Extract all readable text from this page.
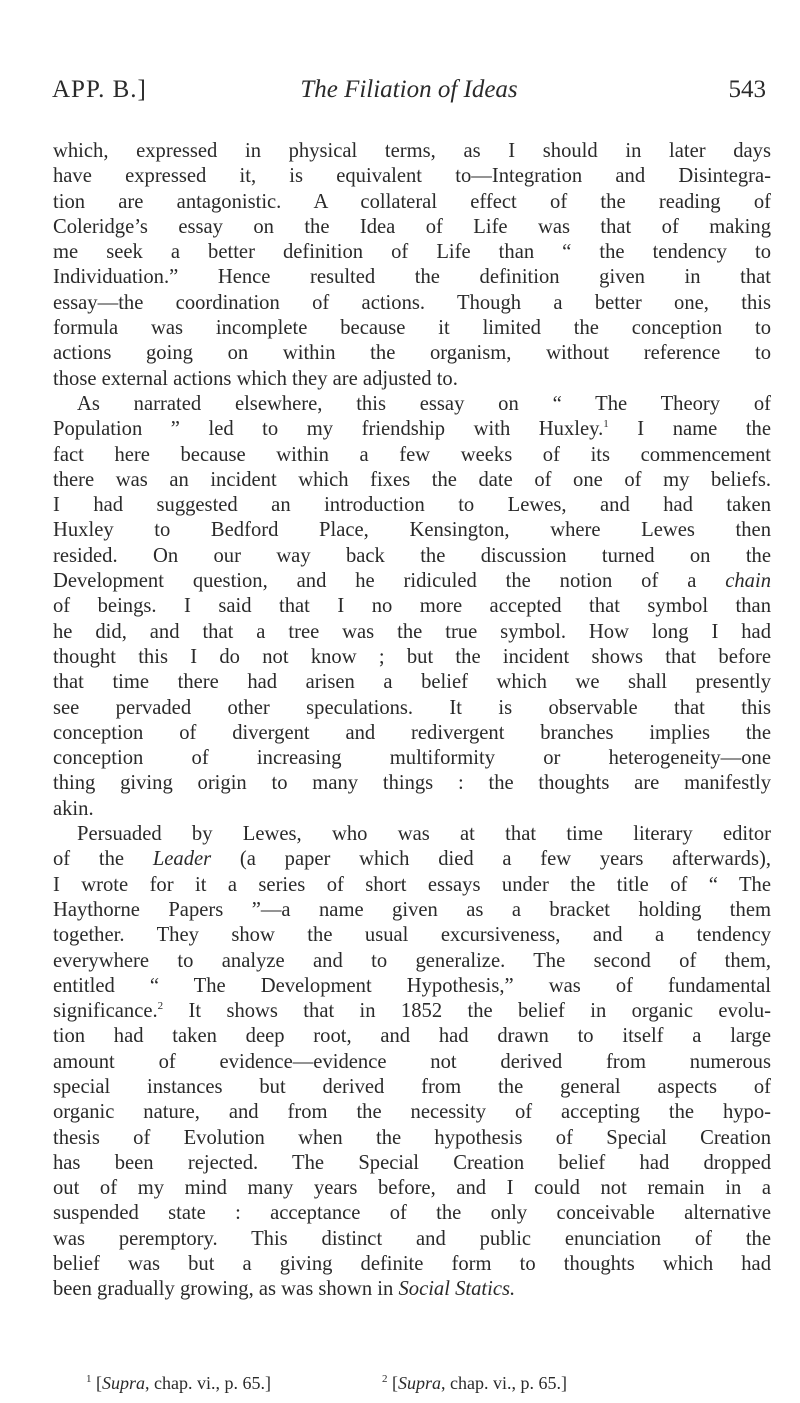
APP. B.]	The Filiation of Ideas	543
which, expressed in physical terms, as I should in later days
have expressed it, is equivalent to—Integration and Disintegra-
tion are antagonistic. A collateral effect of the reading of
Coleridge’s essay on the Idea of Life was that of making
me seek a better definition of Life than “ the tendency to
Individuation.” Hence resulted the definition given in that
essay—the coordination of actions. Though a better one, this
formula was incomplete because it limited the conception to
actions going on within the organism, without reference to
those external actions which they are adjusted to.
As narrated elsewhere, this essay on “ The Theory of
Population ” led to my friendship with Huxley.$^1$ I name the
fact here because within a few weeks of its commencement
there was an incident which fixes the date of one of my beliefs.
I had suggested an introduction to Lewes, and had taken
Huxley to Bedford Place, Kensington, where Lewes then
resided. On our way back the discussion turned on the
Development question, and he ridiculed the notion of a chain
of beings. I said that I no more accepted that symbol than
he did, and that a tree was the true symbol. How long I had
thought this I do not know ; but the incident shows that before
that time there had arisen a belief which we shall presently
see pervaded other speculations. It is observable that this
conception of divergent and redivergent branches implies the
conception of increasing multiformity or heterogeneity—one
thing giving origin to many things : the thoughts are manifestly
akin.
Persuaded by Lewes, who was at that time literary editor
of the Leader (a paper which died a few years afterwards),
I wrote for it a series of short essays under the title of “ The
Haythorne Papers ”—a name given as a bracket holding them
together. They show the usual excursiveness, and a tendency
everywhere to analyze and to generalize. The second of them,
entitled “ The Development Hypothesis,” was of fundamental
significance.$^2$ It shows that in 1852 the belief in organic evolu-
tion had taken deep root, and had drawn to itself a large
amount of evidence—evidence not derived from numerous
special instances but derived from the general aspects of
organic nature, and from the necessity of accepting the hypo-
thesis of Evolution when the hypothesis of Special Creation
has been rejected. The Special Creation belief had dropped
out of my mind many years before, and I could not remain in a
suspended state : acceptance of the only conceivable alternative
was peremptory. This distinct and public enunciation of the
belief was but a giving definite form to thoughts which had
been gradually growing, as was shown in Social Statics.
$^1$ [Supra, chap. vi., p. 65.]	$^2$ [Supra, chap. vi., p. 65.]
